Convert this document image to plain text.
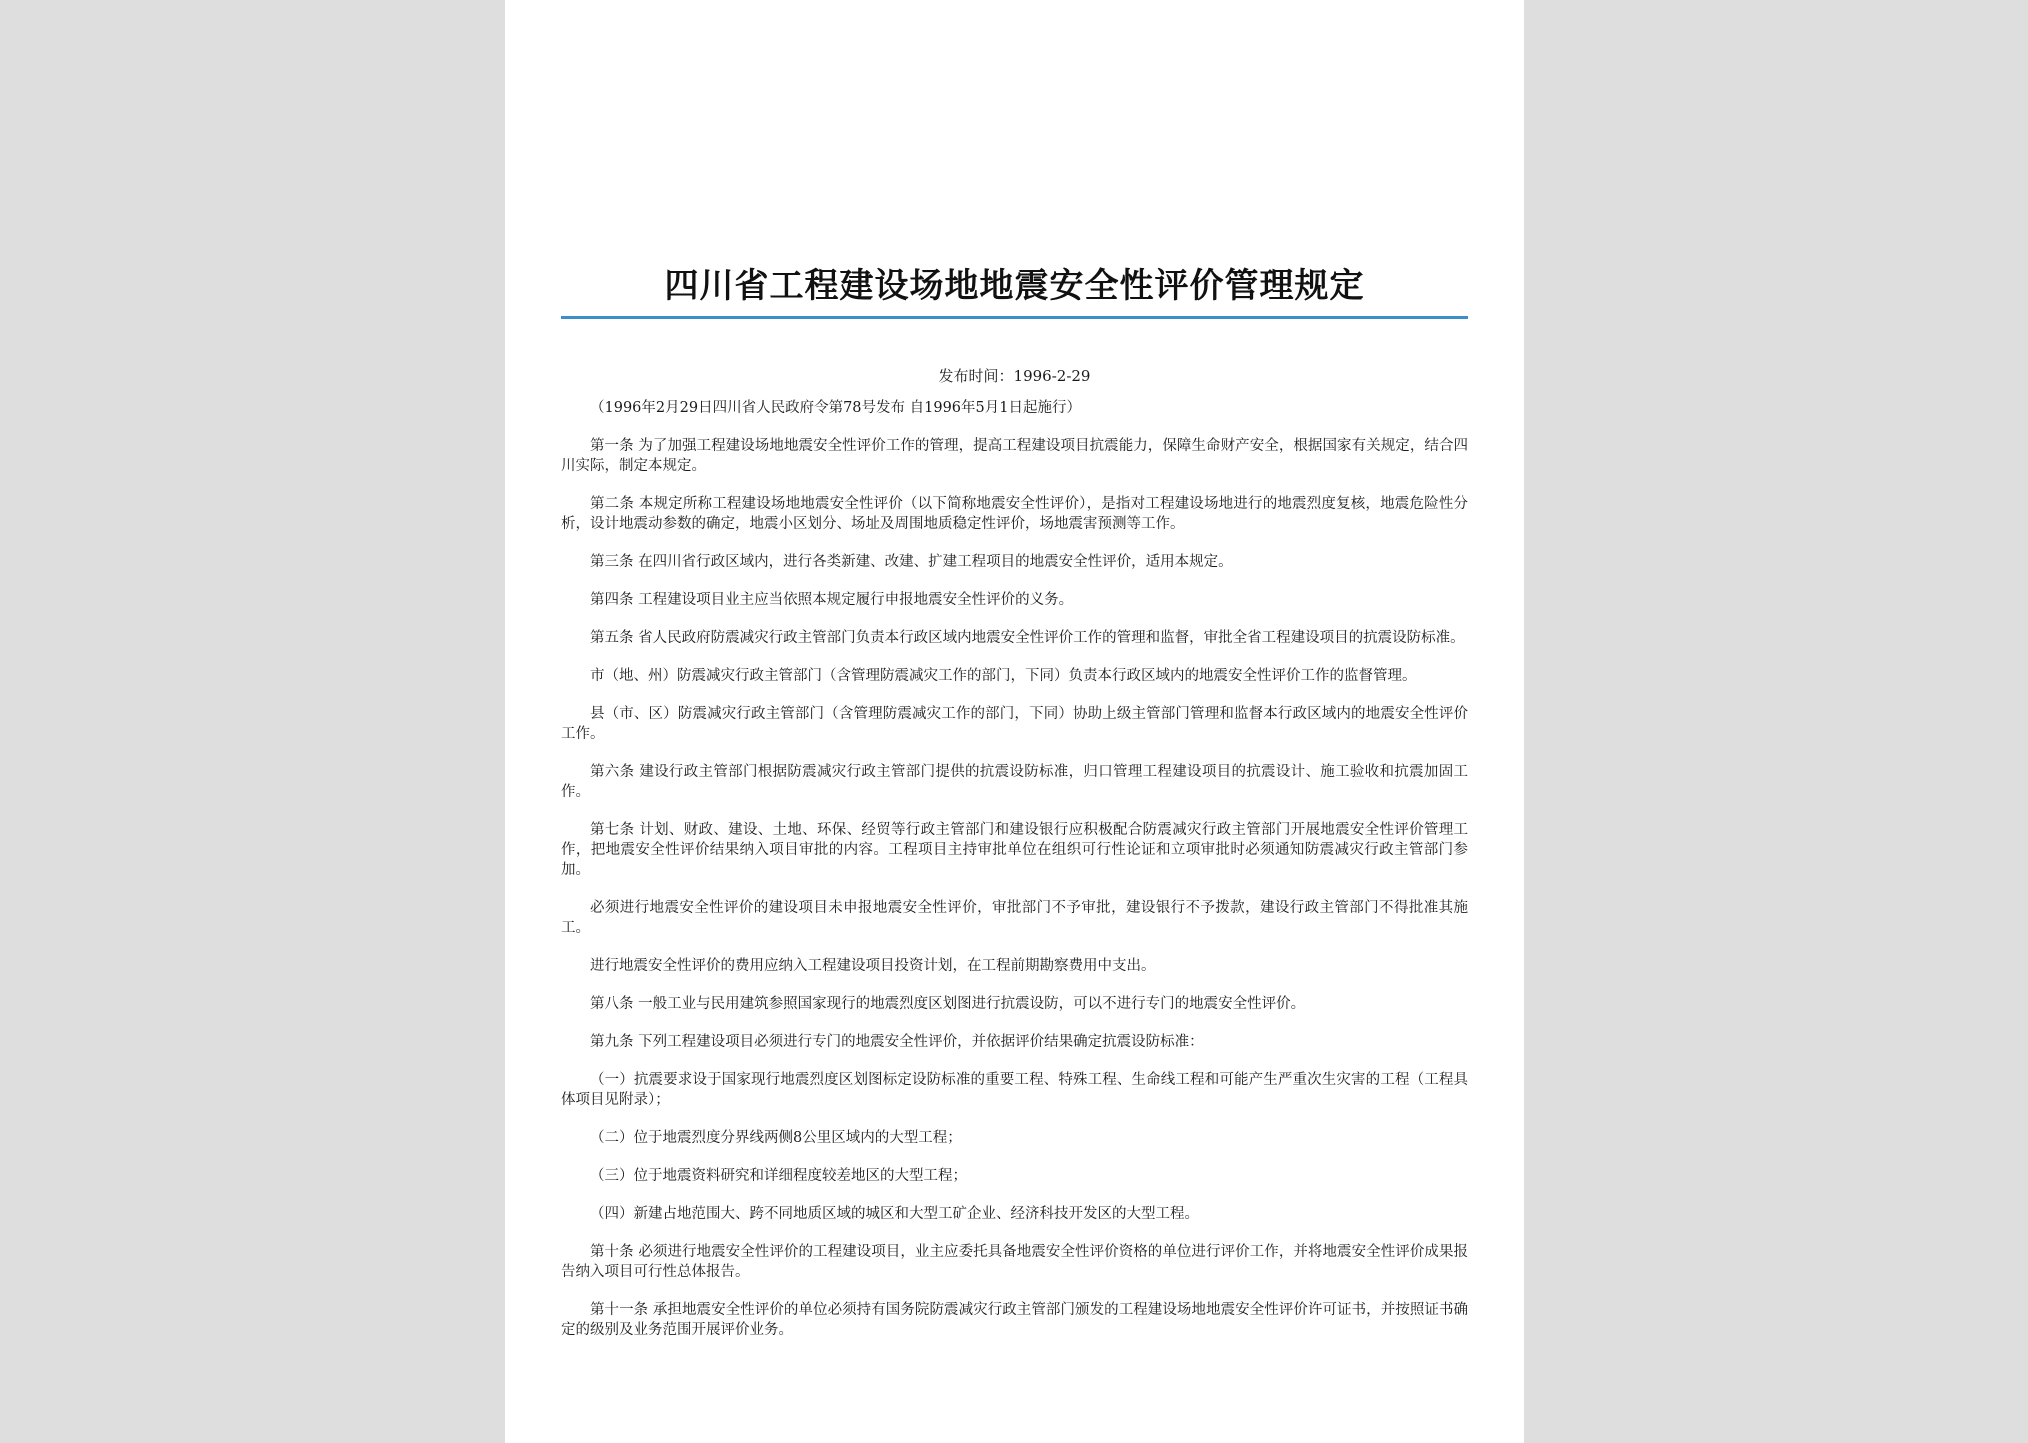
四川省工程建设场地地震安全性评价管理规定
发布时间：1996-2-29

（1996年2月29日四川省人民政府令第78号发布 自1996年5月1日起施行）

第一条 为了加强工程建设场地地震安全性评价工作的管理，提高工程建设项目抗震能力，保障生命财产安全，根据国家有关规定，结合四川实际，制定本规定。

第二条 本规定所称工程建设场地地震安全性评价（以下简称地震安全性评价），是指对工程建设场地进行的地震烈度复核，地震危险性分析，设计地震动参数的确定，地震小区划分、场址及周围地质稳定性评价，场地震害预测等工作。

第三条 在四川省行政区域内，进行各类新建、改建、扩建工程项目的地震安全性评价，适用本规定。

第四条 工程建设项目业主应当依照本规定履行申报地震安全性评价的义务。

第五条 省人民政府防震减灾行政主管部门负责本行政区域内地震安全性评价工作的管理和监督，审批全省工程建设项目的抗震设防标准。

市（地、州）防震减灾行政主管部门（含管理防震减灾工作的部门，下同）负责本行政区域内的地震安全性评价工作的监督管理。

县（市、区）防震减灾行政主管部门（含管理防震减灾工作的部门，下同）协助上级主管部门管理和监督本行政区域内的地震安全性评价工作。

第六条 建设行政主管部门根据防震减灾行政主管部门提供的抗震设防标准，归口管理工程建设项目的抗震设计、施工验收和抗震加固工作。

第七条 计划、财政、建设、土地、环保、经贸等行政主管部门和建设银行应积极配合防震减灾行政主管部门开展地震安全性评价管理工作，把地震安全性评价结果纳入项目审批的内容。工程项目主持审批单位在组织可行性论证和立项审批时必须通知防震减灾行政主管部门参加。

必须进行地震安全性评价的建设项目未申报地震安全性评价，审批部门不予审批，建设银行不予拨款，建设行政主管部门不得批准其施工。

进行地震安全性评价的费用应纳入工程建设项目投资计划，在工程前期勘察费用中支出。

第八条 一般工业与民用建筑参照国家现行的地震烈度区划图进行抗震设防，可以不进行专门的地震安全性评价。

第九条 下列工程建设项目必须进行专门的地震安全性评价，并依据评价结果确定抗震设防标准：

（一）抗震要求设于国家现行地震烈度区划图标定设防标准的重要工程、特殊工程、生命线工程和可能产生严重次生灾害的工程（工程具体项目见附录）；

（二）位于地震烈度分界线两侧8公里区域内的大型工程；

（三）位于地震资料研究和详细程度较差地区的大型工程；

（四）新建占地范围大、跨不同地质区域的城区和大型工矿企业、经济科技开发区的大型工程。

第十条 必须进行地震安全性评价的工程建设项目，业主应委托具备地震安全性评价资格的单位进行评价工作，并将地震安全性评价成果报告纳入项目可行性总体报告。

第十一条 承担地震安全性评价的单位必须持有国务院防震减灾行政主管部门颁发的工程建设场地地震安全性评价许可证书，并按照证书确定的级别及业务范围开展评价业务。
